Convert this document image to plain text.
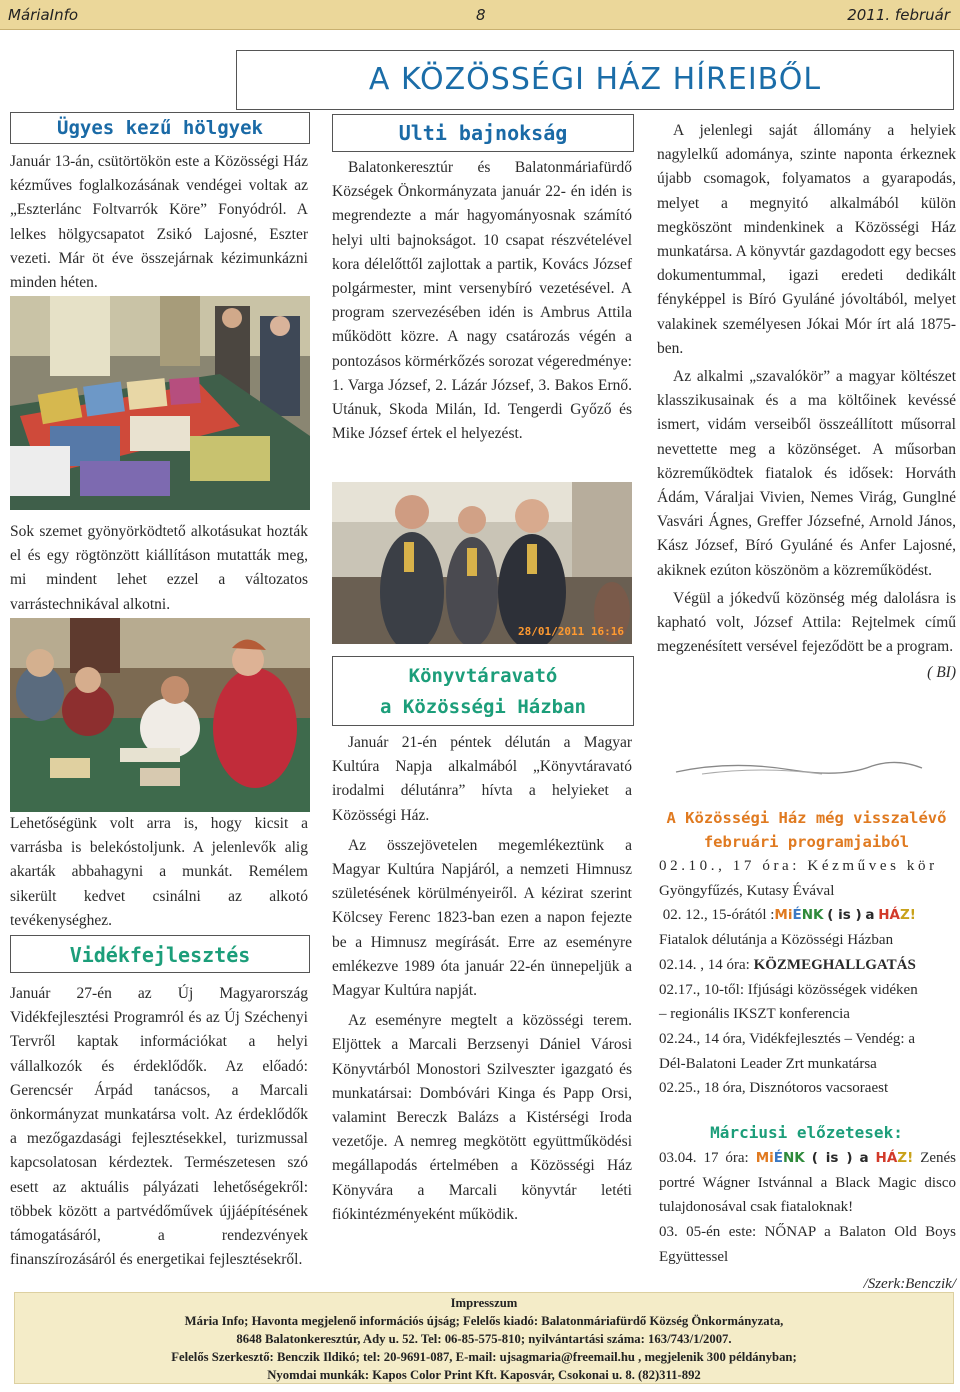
MáriaInfo	8	2011. február
A KÖZÖSSÉGI HÁZ HÍREIBŐL
Ügyes kezű hölgyek

Január 13-án, csütörtökön este a Közösségi Ház kézműves foglalkozásának vendégei voltak az „Eszterlánc Foltvarrók Köre” Fonyódról. A lelkes hölgycsapatot Zsikó Lajosné, Eszter vezeti. Már öt éve összejárnak kézimunkázni minden héten.

Sok szemet gyönyörködtető alkotásukat hozták el és egy rögtönzött kiállításon mutatták meg, mi mindent lehet ezzel a változatos varrástechnikával alkotni.

Lehetőségünk volt arra is, hogy kicsit a varrásba is belekóstoljunk. A jelenlevők alig akarták abbahagyni a munkát. Remélem sikerült kedvet csinálni az alkotó tevékenységhez.

Vidékfejlesztés

Január 27-én az Új Magyarország Vidékfejlesztési Programról és az Új Széchenyi Tervről kaptak információkat a helyi vállalkozók és érdeklődők. Az előadó: Gerencsér Árpád tanácsos, a Marcali önkormányzat munkatársa volt. Az érdeklődők a mezőgazdasági fejlesztésekkel, turizmussal kapcsolatosan kérdeztek. Természetesen szó esett az aktuális pályázati lehetőségekről: többek között a partvédőművek újjáépítésének támogatásáról, a rendezvények finanszírozásáról és energetikai fejlesztésekről.

Ulti bajnokság

Balatonkeresztúr és Balatonmáriafürdő Községek Önkormányzata január 22- én idén is megrendezte a már hagyományosnak számító helyi ulti bajnokságot. 10 csapat részvételével kora délelőttől zajlottak a partik, Kovács József polgármester, mint versenybíró vezetésével. A program szervezésében idén is Ambrus Attila működött közre. A nagy csatározás végén a pontozásos körmérkőzés sorozat végeredménye: 1. Varga József, 2. Lázár József, 3. Bakos Ernő. Utánuk, Skoda Milán, Id. Tengerdi Győző és Mike József értek el helyezést.

28/01/2011 16:16
Könyvtáravató
a Közösségi Házban

Január 21-én péntek délután a Magyar Kultúra Napja alkalmából „Könyvtáravató irodalmi délutánra” hívta a helyieket a Közösségi Ház.

Az összejövetelen megemlékeztünk a Magyar Kultúra Napjáról, a nemzeti Himnusz születésének körülményeiről. A kézirat szerint Kölcsey Ferenc 1823-ban ezen a napon fejezte be a Himnusz megírását. Erre az eseményre emlékezve 1989 óta január 22-én ünnepeljük a Magyar Kultúra napját.

Az eseményre megtelt a közösségi terem. Eljöttek a Marcali Berzsenyi Dániel Városi Könyvtárból Monostori Szilveszter igazgató és munkatársai: Dombóvári Kinga és Papp Orsi, valamint Bereczk Balázs a Kistérségi Iroda vezetője. A nemreg megkötött együttműködési megállapodás értelmében a Közösségi Ház Könyvára a Marcali könyvtár letéti fiókintézményeként működik.

A jelenlegi saját állomány a helyiek nagylelkű adománya, szinte naponta érkeznek újabb csomagok, folyamatos a gyarapodás, melyet a megnyitó alkalmából külön megköszönt mindenkinek a Közösségi Ház munkatársa. A könyvtár gazdagodott egy becses dokumentummal, igazi eredeti dedikált fényképpel is Bíró Gyuláné jóvoltából, melyet valakinek személyesen Jókai Mór írt alá 1875-ben.

Az alkalmi „szavalókör” a magyar költészet klasszikusainak és a ma költőinek kevéssé ismert, vidám verseiből összeállított műsorral nevettette meg a közönséget. A műsorban közreműködtek fiatalok és idősek: Horváth Ádám, Váraljai Vivien, Nemes Virág, Gunglné Vasvári Ágnes, Greffer Józsefné, Arnold János, Kász József, Bíró Gyuláné és Anfer Lajosné, akiknek ezúton köszönöm a közreműködést.

Végül a jókedvű közönség még dalolásra is kapható volt, József Attila: Rejtelmek című megzenésített versével fejeződött be a program.

( BI)

A Közösségi Ház még visszalévő
februári programjaiból
02.10., 17 óra: Kézműves kör
Gyöngyfűzés, Kutasy Évával
02. 12., 15-órától :MiÉNK ( is ) a HÁZ!
Fiatalok délutánja a Közösségi Házban
02.14. , 14 óra: KÖZMEGHALLGATÁS
02.17., 10-től: Ifjúsági közösségek vidéken
– regionális IKSZT konferencia
02.24., 14 óra, Vidékfejlesztés – Vendég: a
Dél-Balatoni Leader Zrt munkatársa
02.25., 18 óra, Disznótoros vacsoraest
Márciusi előzetesek:

03.04. 17 óra: MiÉNK ( is ) a HÁZ! Zenés portré Wágner Istvánnal a Black Magic disco tulajdonosával csak fiataloknak!

03. 05-én este: NŐNAP a Balaton Old Boys Együttessel

/Szerk:Benczik/

Impresszum
Mária Info; Havonta megjelenő információs újság; Felelős kiadó: Balatonmáriafürdő Község Önkormányzata,
8648 Balatonkeresztúr, Ady u. 52. Tel: 06-85-575-810; nyilvántartási száma: 163/743/1/2007.
Felelős Szerkesztő: Benczik Ildikó; tel: 20-9691-087, E-mail: ujsagmaria@freemail.hu , megjelenik 300 példányban;
Nyomdai munkák: Kapos Color Print Kft. Kaposvár, Csokonai u. 8. (82)311-892
